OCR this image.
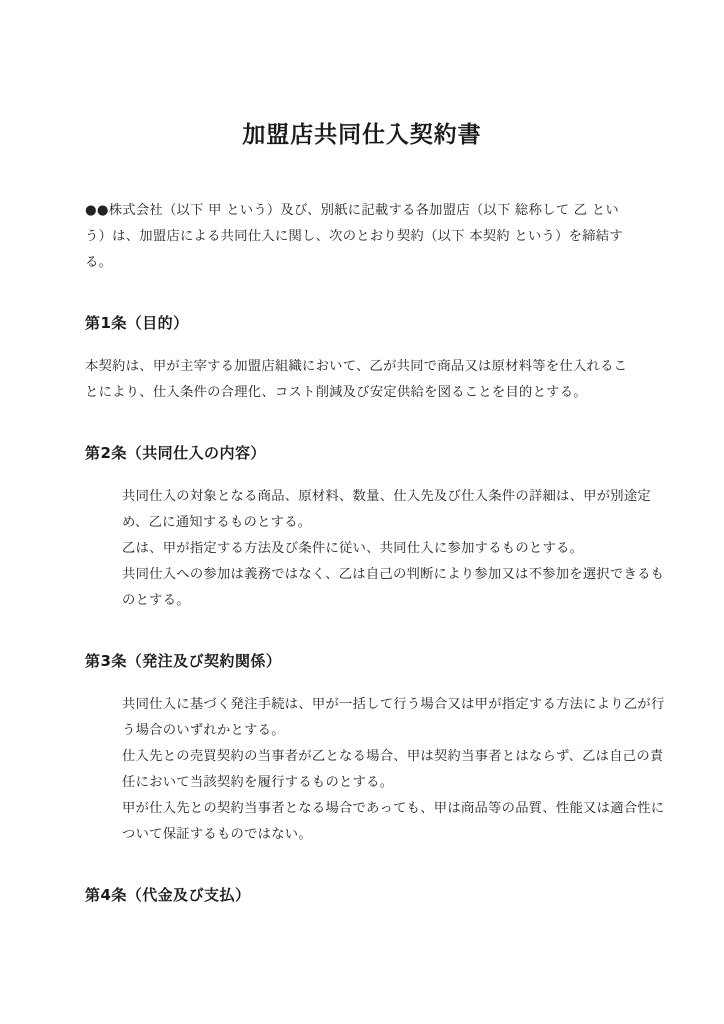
加盟店共同仕入契約書
●●株式会社（以下 甲 という）及び、別紙に記載する各加盟店（以下 総称して 乙 という）は、加盟店による共同仕入に関し、次のとおり契約（以下 本契約 という）を締結する。
第1条（目的）
本契約は、甲が主宰する加盟店組織において、乙が共同で商品又は原材料等を仕入れることにより、仕入条件の合理化、コスト削減及び安定供給を図ることを目的とする。
第2条（共同仕入の内容）
共同仕入の対象となる商品、原材料、数量、仕入先及び仕入条件の詳細は、甲が別途定め、乙に通知するものとする。
乙は、甲が指定する方法及び条件に従い、共同仕入に参加するものとする。
共同仕入への参加は義務ではなく、乙は自己の判断により参加又は不参加を選択できるものとする。
第3条（発注及び契約関係）
共同仕入に基づく発注手続は、甲が一括して行う場合又は甲が指定する方法により乙が行う場合のいずれかとする。
仕入先との売買契約の当事者が乙となる場合、甲は契約当事者とはならず、乙は自己の責任において当該契約を履行するものとする。
甲が仕入先との契約当事者となる場合であっても、甲は商品等の品質、性能又は適合性について保証するものではない。
第4条（代金及び支払）
